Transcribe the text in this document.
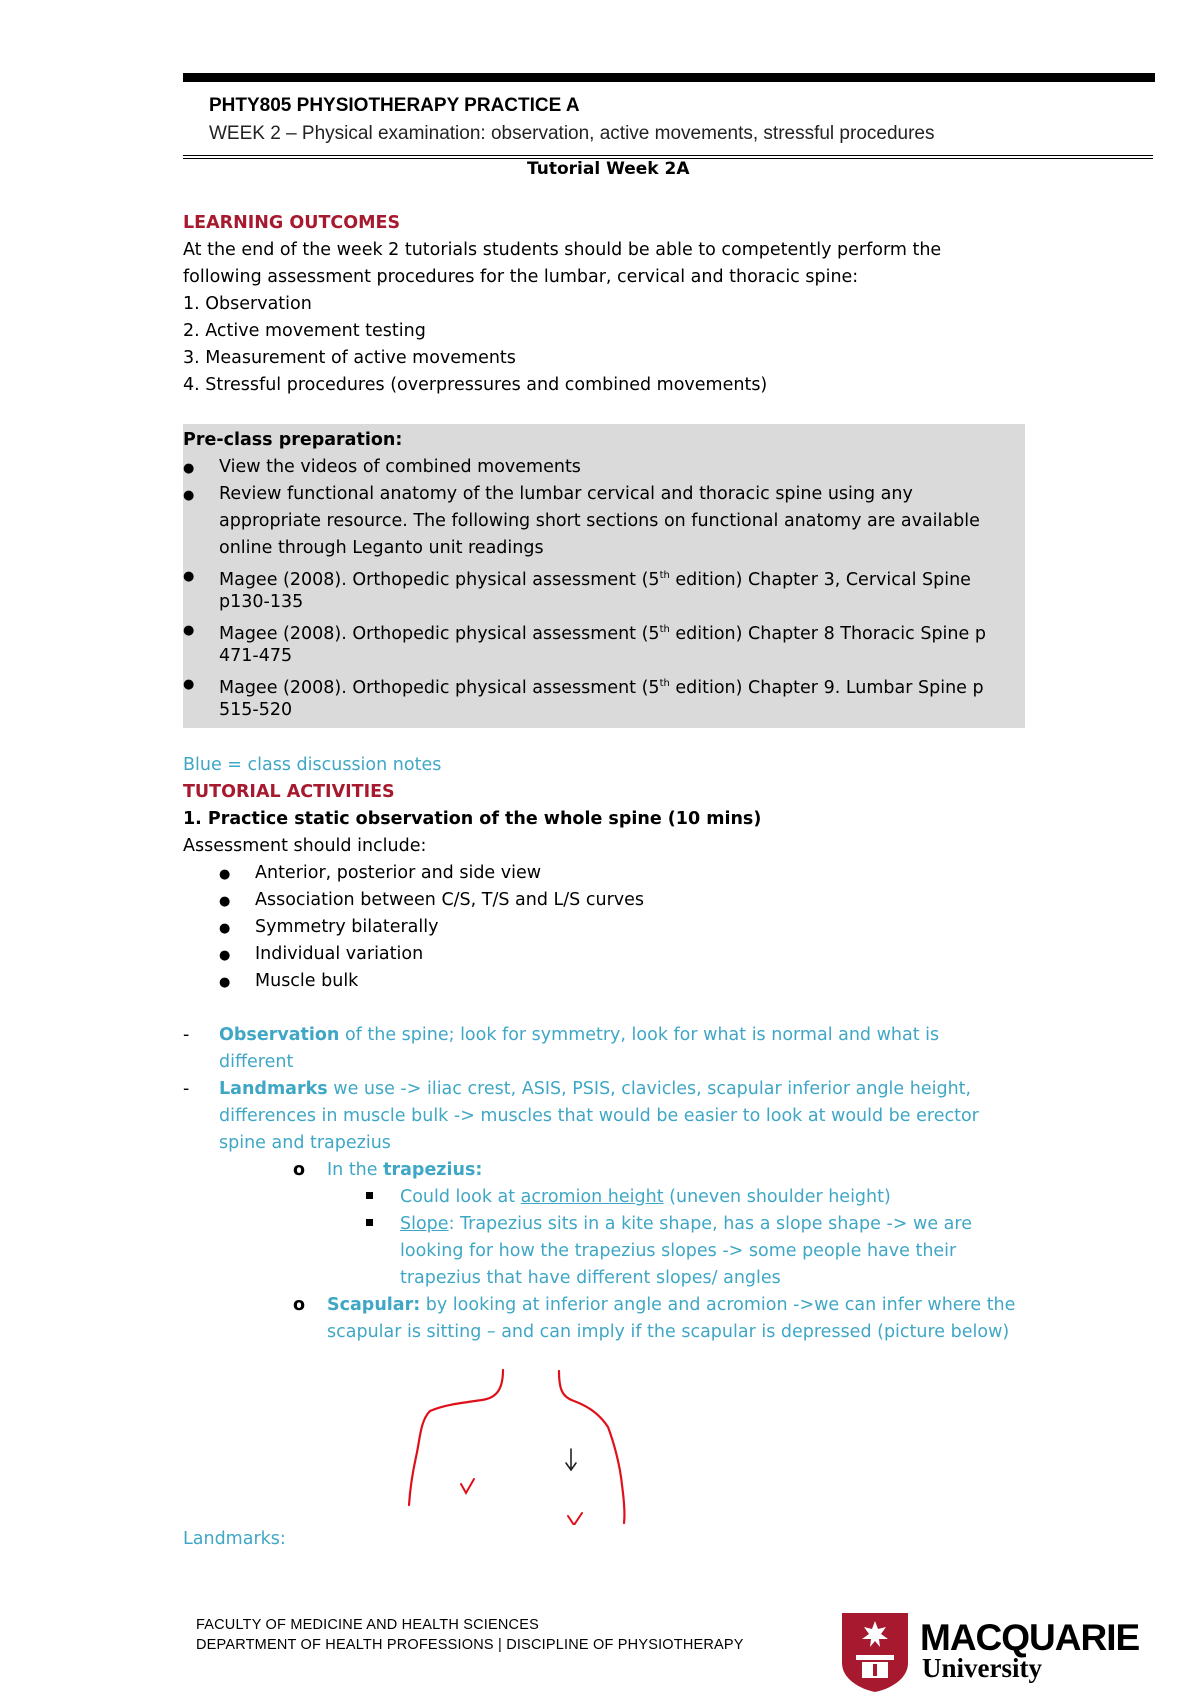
PHTY805 PHYSIOTHERAPY PRACTICE A
WEEK 2 – Physical examination: observation, active movements, stressful procedures
Tutorial Week 2A
LEARNING OUTCOMES
At the end of the week 2 tutorials students should be able to competently perform the
following assessment procedures for the lumbar, cervical and thoracic spine:
1. Observation
2. Active movement testing
3. Measurement of active movements
4. Stressful procedures (overpressures and combined movements)
Pre-class preparation:
● View the videos of combined movements
● Review functional anatomy of the lumbar cervical and thoracic spine using any
appropriate resource. The following short sections on functional anatomy are available
online through Leganto unit readings
● Magee (2008). Orthopedic physical assessment (5th edition) Chapter 3, Cervical Spine
p130-135
● Magee (2008). Orthopedic physical assessment (5th edition) Chapter 8 Thoracic Spine p
471-475
● Magee (2008). Orthopedic physical assessment (5th edition) Chapter 9. Lumbar Spine p
515-520
Blue = class discussion notes
TUTORIAL ACTIVITIES
1. Practice static observation of the whole spine (10 mins)
Assessment should include:
● Anterior, posterior and side view
● Association between C/S, T/S and L/S curves
● Symmetry bilaterally
● Individual variation
● Muscle bulk
- Observation of the spine; look for symmetry, look for what is normal and what is
different
- Landmarks we use -> iliac crest, ASIS, PSIS, clavicles, scapular inferior angle height,
differences in muscle bulk -> muscles that would be easier to look at would be erector
spine and trapezius
o In the trapezius:
Could look at acromion height (uneven shoulder height)
Slope: Trapezius sits in a kite shape, has a slope shape -> we are
looking for how the trapezius slopes -> some people have their
trapezius that have different slopes/ angles
o Scapular: by looking at inferior angle and acromion ->we can infer where the
scapular is sitting – and can imply if the scapular is depressed (picture below)
Landmarks:
FACULTY OF MEDICINE AND HEALTH SCIENCES
DEPARTMENT OF HEALTH PROFESSIONS | DISCIPLINE OF PHYSIOTHERAPY	MACQUARIE
University
